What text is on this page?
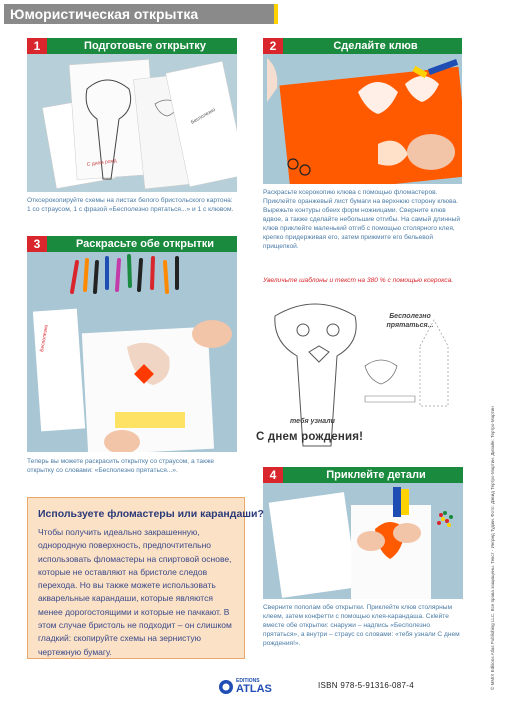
Юмористическая открытка
1	Подготовьте открытку
Бесполезно
С днем рожд
Отксерокопируйте схемы на листах белого бристольского картона: 1 со страусом, 1 с фразой «Бесполезно прятаться...» и 1 с клювом.
2	Сделайте клюв
Раскрасьте ксерокопию клюва с помощью фломастеров. Приклейте оранжевый лист бумаги на верхнюю сторону клюва. Вырежьте контуры обеих форм ножницами. Сверните клюв вдвое, а также сделайте небольшие отгибы. На самый длинный клюв приклейте маленький отгиб с помощью столярного клея, крепко придерживая его, затем прижмите его бельевой прищепкой.
Увеличьте шаблоны и текст на 380 % с помощью ксерокса.
3	Раскрасьте обе открытки
Бесполезно
Теперь вы можете раскрасить открытку со страусом, а также открытку со словами: «Бесполезно прятаться...».
Бесполезно прятаться...
тебя узнали
С днем рождения!
4	Приклейте детали
Сверните пополам обе открытки. Приклейте клюв столярным клеем, затем конфетти с помощью клея-карандаша. Скleйте вместе обе открытки: снаружи – надпись «Бесполезно прятаться», а внутри – страус со словами: «тебя узнали С днем рождения!».
Используете фломастеры или карандаши?

Чтобы получить идеально закрашенную, однородную поверхность, предпочтительно использовать фломастеры на спиртовой основе, которые не оставляют на бристоле следов перехода. Но вы также можете использовать акварельные карандаши, которые являются менее дорогостоящими и которые не пачкают. В этом случае бристоль не подходит – он слишком гладкий: скопируйте схемы на зернистую чертежную бумагу.	© MMIX Editions Atlas Publishing LLC. Все права защищены. Текст - Ингрид Туджи. Фото: Дэвид Тертро-Мартин. Дизайн: Тертро-Мартин
EDITIONS
ATLAS	ISBN 978-5-91316-087-4
